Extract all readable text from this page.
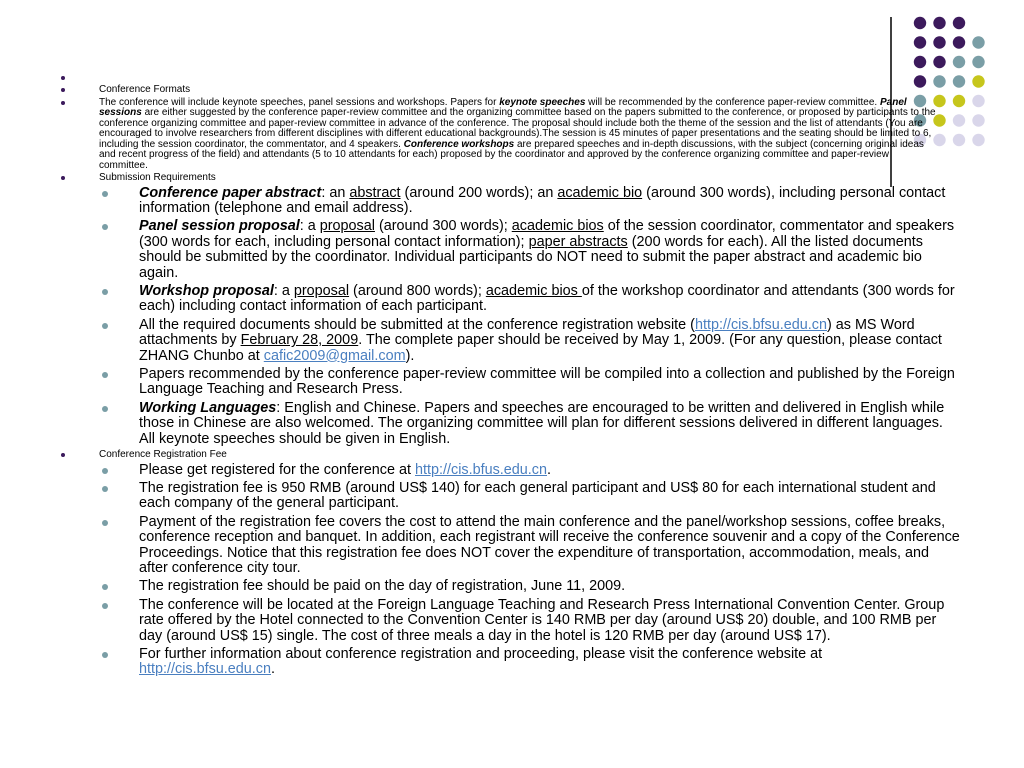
Conference Formats
The conference will include keynote speeches, panel sessions and workshops. Papers for keynote speeches will be recommended by the conference paper-review committee. Panel sessions are either suggested by the conference paper-review committee and the organizing committee based on the papers submitted to the conference, or proposed by participants to the conference organizing committee and paper-review committee in advance of the conference. The proposal should include both the theme of the session and the list of attendants (You are encouraged to involve researchers from different disciplines with different educational backgrounds).The session is 45 minutes of paper presentations and the seating should be limited to 6, including the session coordinator, the commentator, and 4 speakers. Conference workshops are prepared speeches and in-depth discussions, with the subject (concerning original ideas and recent progress of the field) and attendants (5 to 10 attendants for each) proposed by the coordinator and approved by the conference organizing committee and paper-review committee.
Submission Requirements
Conference paper abstract: an abstract (around 200 words); an academic bio (around 300 words), including personal contact information (telephone and email address).
Panel session proposal: a proposal (around 300 words); academic bios of the session coordinator, commentator and speakers (300 words for each, including personal contact information); paper abstracts (200 words for each). All the listed documents should be submitted by the coordinator. Individual participants do NOT need to submit the paper abstract and academic bio again.
Workshop proposal: a proposal (around 800 words); academic bios of the workshop coordinator and attendants (300 words for each) including contact information of each participant.
All the required documents should be submitted at the conference registration website (http://cis.bfsu.edu.cn) as MS Word attachments by February 28, 2009. The complete paper should be received by May 1, 2009. (For any question, please contact ZHANG Chunbo at cafic2009@gmail.com).
Papers recommended by the conference paper-review committee will be compiled into a collection and published by the Foreign Language Teaching and Research Press.
Working Languages: English and Chinese. Papers and speeches are encouraged to be written and delivered in English while those in Chinese are also welcomed. The organizing committee will plan for different sessions delivered in different languages. All keynote speeches should be given in English.
Conference Registration Fee
Please get registered for the conference at http://cis.bfus.edu.cn.
The registration fee is 950 RMB (around US$ 140) for each general participant and US$ 80 for each international student and each company of the general participant.
Payment of the registration fee covers the cost to attend the main conference and the panel/workshop sessions, coffee breaks, conference reception and banquet. In addition, each registrant will receive the conference souvenir and a copy of the Conference Proceedings. Notice that this registration fee does NOT cover the expenditure of transportation, accommodation, meals, and after conference city tour.
The registration fee should be paid on the day of registration, June 11, 2009.
The conference will be located at the Foreign Language Teaching and Research Press International Convention Center. Group rate offered by the Hotel connected to the Convention Center is 140 RMB per day (around US$ 20) double, and 100 RMB per day (around US$ 15) single. The cost of three meals a day in the hotel is 120 RMB per day (around US$ 17).
For further information about conference registration and proceeding, please visit the conference website at http://cis.bfsu.edu.cn.
